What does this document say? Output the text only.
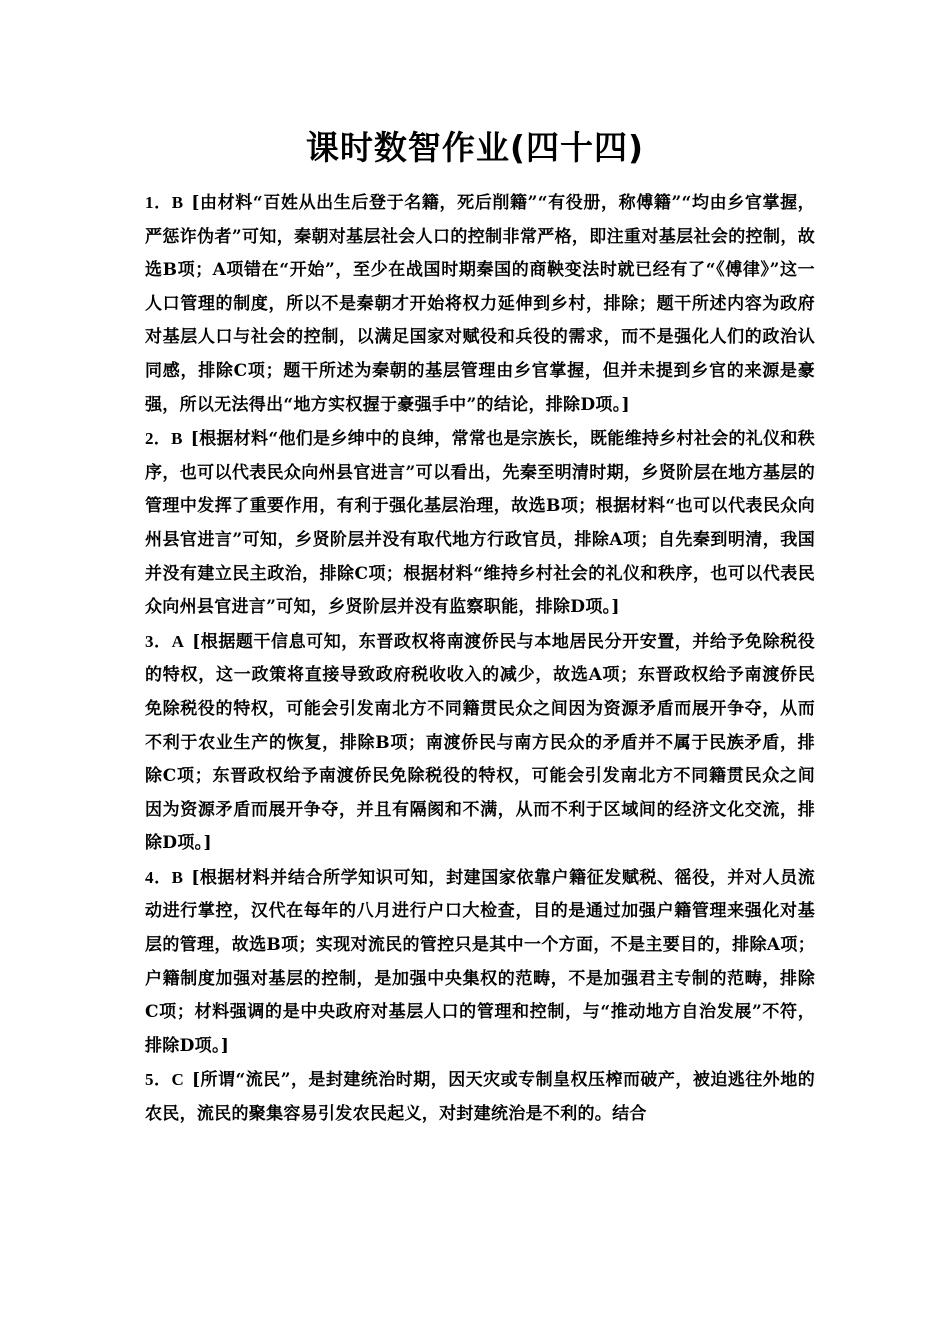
课时数智作业(四十四)

1．B [由材料“百姓从出生后登于名籍，死后削籍”“有役册，称傅籍”“均由乡官掌握，严惩诈伪者”可知，秦朝对基层社会人口的控制非常严格，即注重对基层社会的控制，故选B项；A项错在“开始”，至少在战国时期秦国的商鞅变法时就已经有了“《傅律》”这一人口管理的制度，所以不是秦朝才开始将权力延伸到乡村，排除；题干所述内容为政府对基层人口与社会的控制，以满足国家对赋役和兵役的需求，而不是强化人们的政治认同感，排除C项；题干所述为秦朝的基层管理由乡官掌握，但并未提到乡官的来源是豪强，所以无法得出“地方实权握于豪强手中”的结论，排除D项。]

2．B [根据材料“他们是乡绅中的良绅，常常也是宗族长，既能维持乡村社会的礼仪和秩序，也可以代表民众向州县官进言”可以看出，先秦至明清时期，乡贤阶层在地方基层的管理中发挥了重要作用，有利于强化基层治理，故选B项；根据材料“也可以代表民众向州县官进言”可知，乡贤阶层并没有取代地方行政官员，排除A项；自先秦到明清，我国并没有建立民主政治，排除C项；根据材料“维持乡村社会的礼仪和秩序，也可以代表民众向州县官进言”可知，乡贤阶层并没有监察职能，排除D项。]

3．A [根据题干信息可知，东晋政权将南渡侨民与本地居民分开安置，并给予免除税役的特权，这一政策将直接导致政府税收收入的减少，故选A项；东晋政权给予南渡侨民免除税役的特权，可能会引发南北方不同籍贯民众之间因为资源矛盾而展开争夺，从而不利于农业生产的恢复，排除B项；南渡侨民与南方民众的矛盾并不属于民族矛盾，排除C项；东晋政权给予南渡侨民免除税役的特权，可能会引发南北方不同籍贯民众之间因为资源矛盾而展开争夺，并且有隔阂和不满，从而不利于区域间的经济文化交流，排除D项。]

4．B [根据材料并结合所学知识可知，封建国家依靠户籍征发赋税、徭役，并对人员流动进行掌控，汉代在每年的八月进行户口大检查，目的是通过加强户籍管理来强化对基层的管理，故选B项；实现对流民的管控只是其中一个方面，不是主要目的，排除A项；户籍制度加强对基层的控制，是加强中央集权的范畴，不是加强君主专制的范畴，排除C项；材料强调的是中央政府对基层人口的管理和控制，与“推动地方自治发展”不符，排除D项。]

5．C [所谓“流民”，是封建统治时期，因天灾或专制皇权压榨而破产，被迫逃往外地的农民，流民的聚集容易引发农民起义，对封建统治是不利的。结合
